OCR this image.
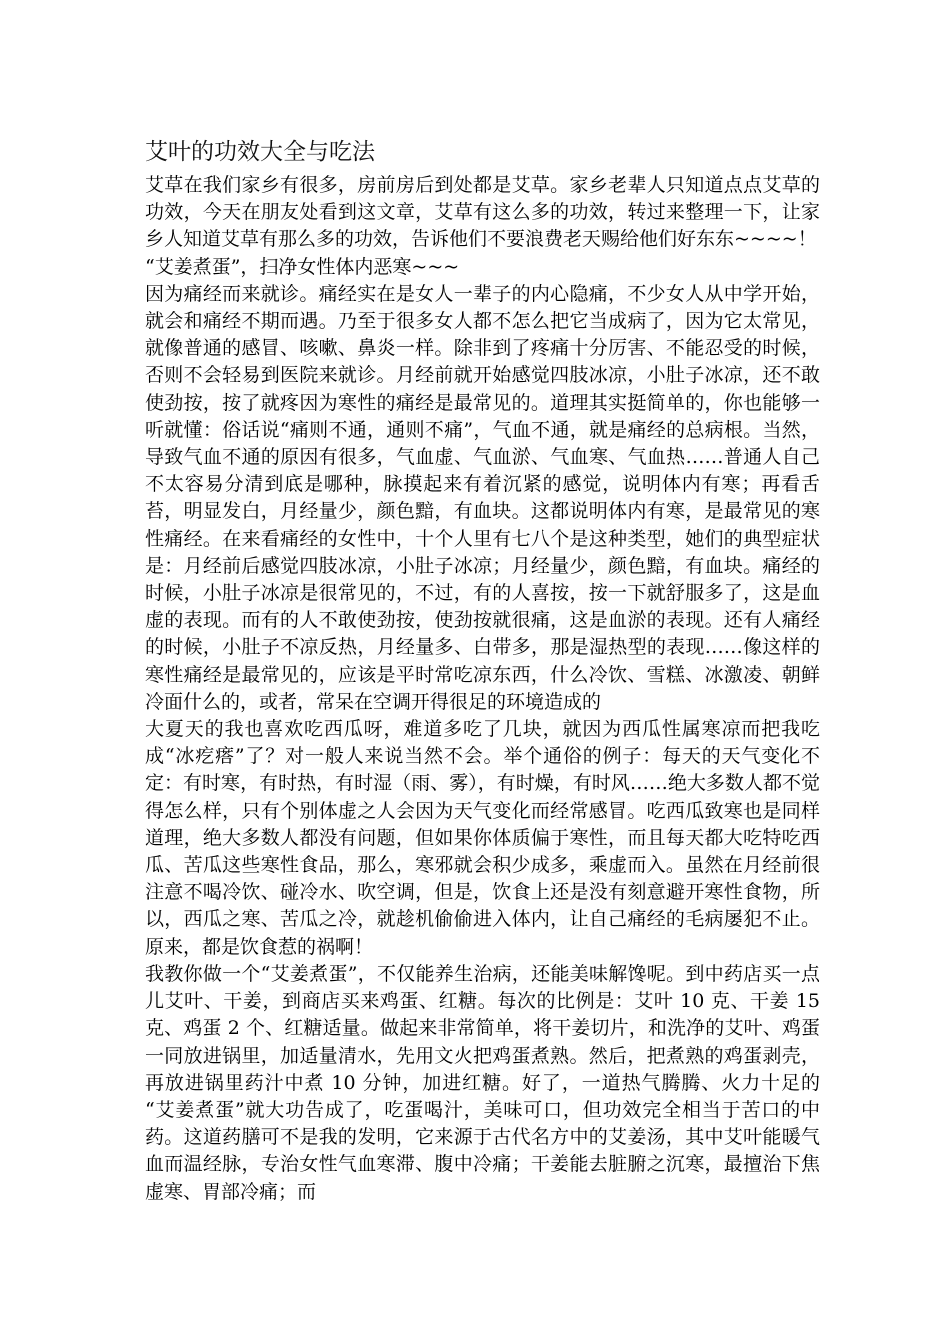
艾叶的功效大全与吃法

艾草在我们家乡有很多，房前房后到处都是艾草。家乡老辈人只知道点点艾草的功效，今天在朋友处看到这文章，艾草有这么多的功效，转过来整理一下，让家乡人知道艾草有那么多的功效，告诉他们不要浪费老天赐给他们好东东~~~~！

“艾姜煮蛋”，扫净女性体内恶寒~~~

因为痛经而来就诊。痛经实在是女人一辈子的内心隐痛，不少女人从中学开始，就会和痛经不期而遇。乃至于很多女人都不怎么把它当成病了，因为它太常见，就像普通的感冒、咳嗽、鼻炎一样。除非到了疼痛十分厉害、不能忍受的时候，否则不会轻易到医院来就诊。月经前就开始感觉四肢冰凉，小肚子冰凉，还不敢使劲按，按了就疼因为寒性的痛经是最常见的。道理其实挺简单的，你也能够一听就懂：俗话说“痛则不通，通则不痛”，气血不通，就是痛经的总病根。当然，导致气血不通的原因有很多，气血虚、气血淤、气血寒、气血热……普通人自己不太容易分清到底是哪种，脉摸起来有着沉紧的感觉，说明体内有寒；再看舌苔，明显发白，月经量少，颜色黯，有血块。这都说明体内有寒，是最常见的寒性痛经。在来看痛经的女性中，十个人里有七八个是这种类型，她们的典型症状是：月经前后感觉四肢冰凉，小肚子冰凉；月经量少，颜色黯，有血块。痛经的时候，小肚子冰凉是很常见的，不过，有的人喜按，按一下就舒服多了，这是血虚的表现。而有的人不敢使劲按，使劲按就很痛，这是血淤的表现。还有人痛经的时候，小肚子不凉反热，月经量多、白带多，那是湿热型的表现……像这样的寒性痛经是最常见的，应该是平时常吃凉东西，什么冷饮、雪糕、冰激凌、朝鲜冷面什么的，或者，常呆在空调开得很足的环境造成的

大夏天的我也喜欢吃西瓜呀，难道多吃了几块，就因为西瓜性属寒凉而把我吃成“冰疙瘩”了？对一般人来说当然不会。举个通俗的例子：每天的天气变化不定：有时寒，有时热，有时湿（雨、雾），有时燥，有时风……绝大多数人都不觉得怎么样，只有个别体虚之人会因为天气变化而经常感冒。吃西瓜致寒也是同样道理，绝大多数人都没有问题，但如果你体质偏于寒性，而且每天都大吃特吃西瓜、苦瓜这些寒性食品，那么，寒邪就会积少成多，乘虚而入。虽然在月经前很注意不喝冷饮、碰冷水、吹空调，但是，饮食上还是没有刻意避开寒性食物，所以，西瓜之寒、苦瓜之冷，就趁机偷偷进入体内，让自己痛经的毛病屡犯不止。原来，都是饮食惹的祸啊！

我教你做一个“艾姜煮蛋”，不仅能养生治病，还能美味解馋呢。到中药店买一点儿艾叶、干姜，到商店买来鸡蛋、红糖。每次的比例是：艾叶 10 克、干姜 15 克、鸡蛋 2 个、红糖适量。做起来非常简单，将干姜切片，和洗净的艾叶、鸡蛋一同放进锅里，加适量清水，先用文火把鸡蛋煮熟。然后，把煮熟的鸡蛋剥壳，再放进锅里药汁中煮 10 分钟，加进红糖。好了，一道热气腾腾、火力十足的 “艾姜煮蛋”就大功告成了，吃蛋喝汁，美味可口，但功效完全相当于苦口的中药。这道药膳可不是我的发明，它来源于古代名方中的艾姜汤，其中艾叶能暖气血而温经脉，专治女性气血寒滞、腹中冷痛；干姜能去脏腑之沉寒，最擅治下焦虚寒、胃部冷痛；而
